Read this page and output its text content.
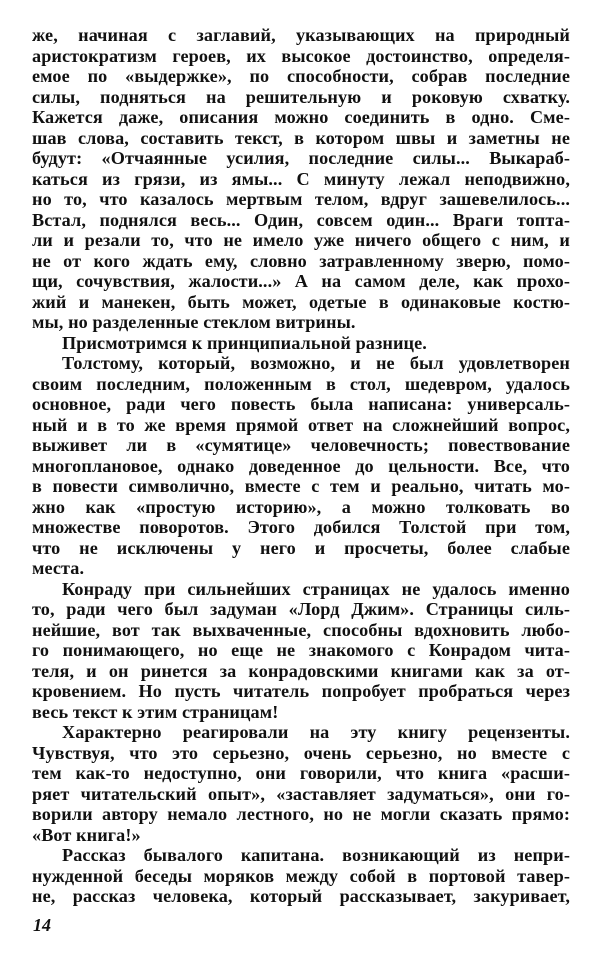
же, начиная с заглавий, указывающих на природный
аристократизм героев, их высокое достоинство, определя-
емое по «выдержке», по способности, собрав последние
силы, подняться на решительную и роковую схватку.
Кажется даже, описания можно соединить в одно. Сме-
шав слова, составить текст, в котором швы и заметны не
будут: «Отчаянные усилия, последние силы... Выкараб-
каться из грязи, из ямы... С минуту лежал неподвижно,
но то, что казалось мертвым телом, вдруг зашевелилось...
Встал, поднялся весь... Один, совсем один... Враги топта-
ли и резали то, что не имело уже ничего общего с ним, и
не от кого ждать ему, словно затравленному зверю, помо-
щи, сочувствия, жалости...» А на самом деле, как прохо-
жий и манекен, быть может, одетые в одинаковые костю-
мы, но разделенные стеклом витрины.
Присмотримся к принципиальной разнице.
Толстому, который, возможно, и не был удовлетворен
своим последним, положенным в стол, шедевром, удалось
основное, ради чего повесть была написана: универсаль-
ный и в то же время прямой ответ на сложнейший вопрос,
выживет ли в «сумятице» человечность; повествование
многоплановое, однако доведенное до цельности. Все, что
в повести символично, вместе с тем и реально, читать мо-
жно как «простую историю», а можно толковать во
множестве поворотов. Этого добился Толстой при том,
что не исключены у него и просчеты, более слабые
места.
Конраду при сильнейших страницах не удалось именно
то, ради чего был задуман «Лорд Джим». Страницы силь-
нейшие, вот так выхваченные, способны вдохновить любо-
го понимающего, но еще не знакомого с Конрадом чита-
теля, и он ринется за конрадовскими книгами как за от-
кровением. Но пусть читатель попробует пробраться через
весь текст к этим страницам!
Характерно реагировали на эту книгу рецензенты.
Чувствуя, что это серьезно, очень серьезно, но вместе с
тем как-то недоступно, они говорили, что книга «расши-
ряет читательский опыт», «заставляет задуматься», они го-
ворили автору немало лестного, но не могли сказать прямо:
«Вот книга!»
Рассказ бывалого капитана. возникающий из непри-
нужденной беседы моряков между собой в портовой тавер-
не, рассказ человека, который рассказывает, закуривает,
14
